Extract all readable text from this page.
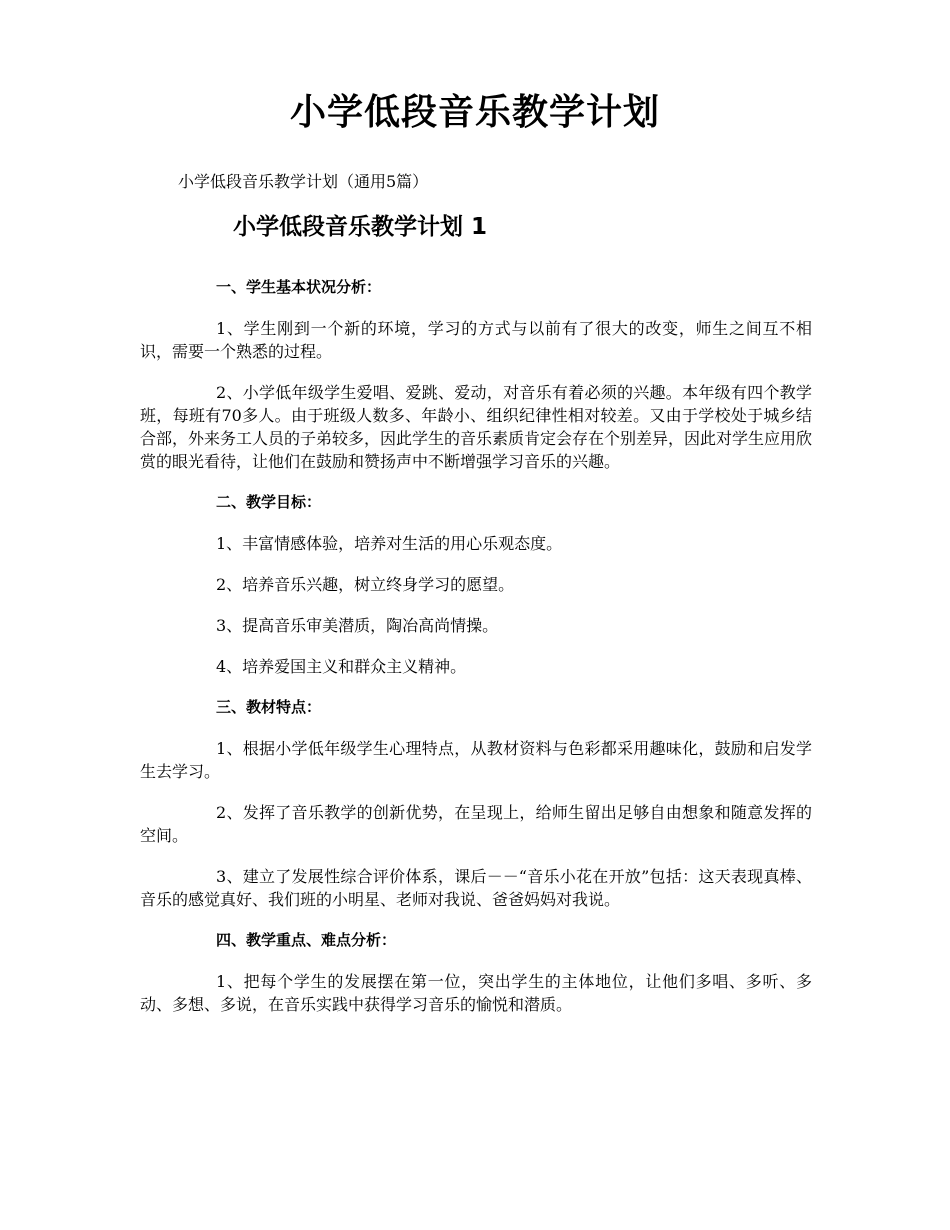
小学低段音乐教学计划
小学低段音乐教学计划（通用5篇）
小学低段音乐教学计划 1

一、学生基本状况分析：

1、学生刚到一个新的环境，学习的方式与以前有了很大的改变，师生之间互不相识，需要一个熟悉的过程。

2、小学低年级学生爱唱、爱跳、爱动，对音乐有着必须的兴趣。本年级有四个教学班，每班有70多人。由于班级人数多、年龄小、组织纪律性相对较差。又由于学校处于城乡结合部，外来务工人员的子弟较多，因此学生的音乐素质肯定会存在个别差异，因此对学生应用欣赏的眼光看待，让他们在鼓励和赞扬声中不断增强学习音乐的兴趣。

二、教学目标：

1、丰富情感体验，培养对生活的用心乐观态度。

2、培养音乐兴趣，树立终身学习的愿望。

3、提高音乐审美潜质，陶冶高尚情操。

4、培养爱国主义和群众主义精神。

三、教材特点：

1、根据小学低年级学生心理特点，从教材资料与色彩都采用趣味化，鼓励和启发学生去学习。

2、发挥了音乐教学的创新优势，在呈现上，给师生留出足够自由想象和随意发挥的空间。

3、建立了发展性综合评价体系，课后－－“音乐小花在开放”包括：这天表现真棒、音乐的感觉真好、我们班的小明星、老师对我说、爸爸妈妈对我说。

四、教学重点、难点分析：

1、把每个学生的发展摆在第一位，突出学生的主体地位，让他们多唱、多听、多动、多想、多说，在音乐实践中获得学习音乐的愉悦和潜质。
